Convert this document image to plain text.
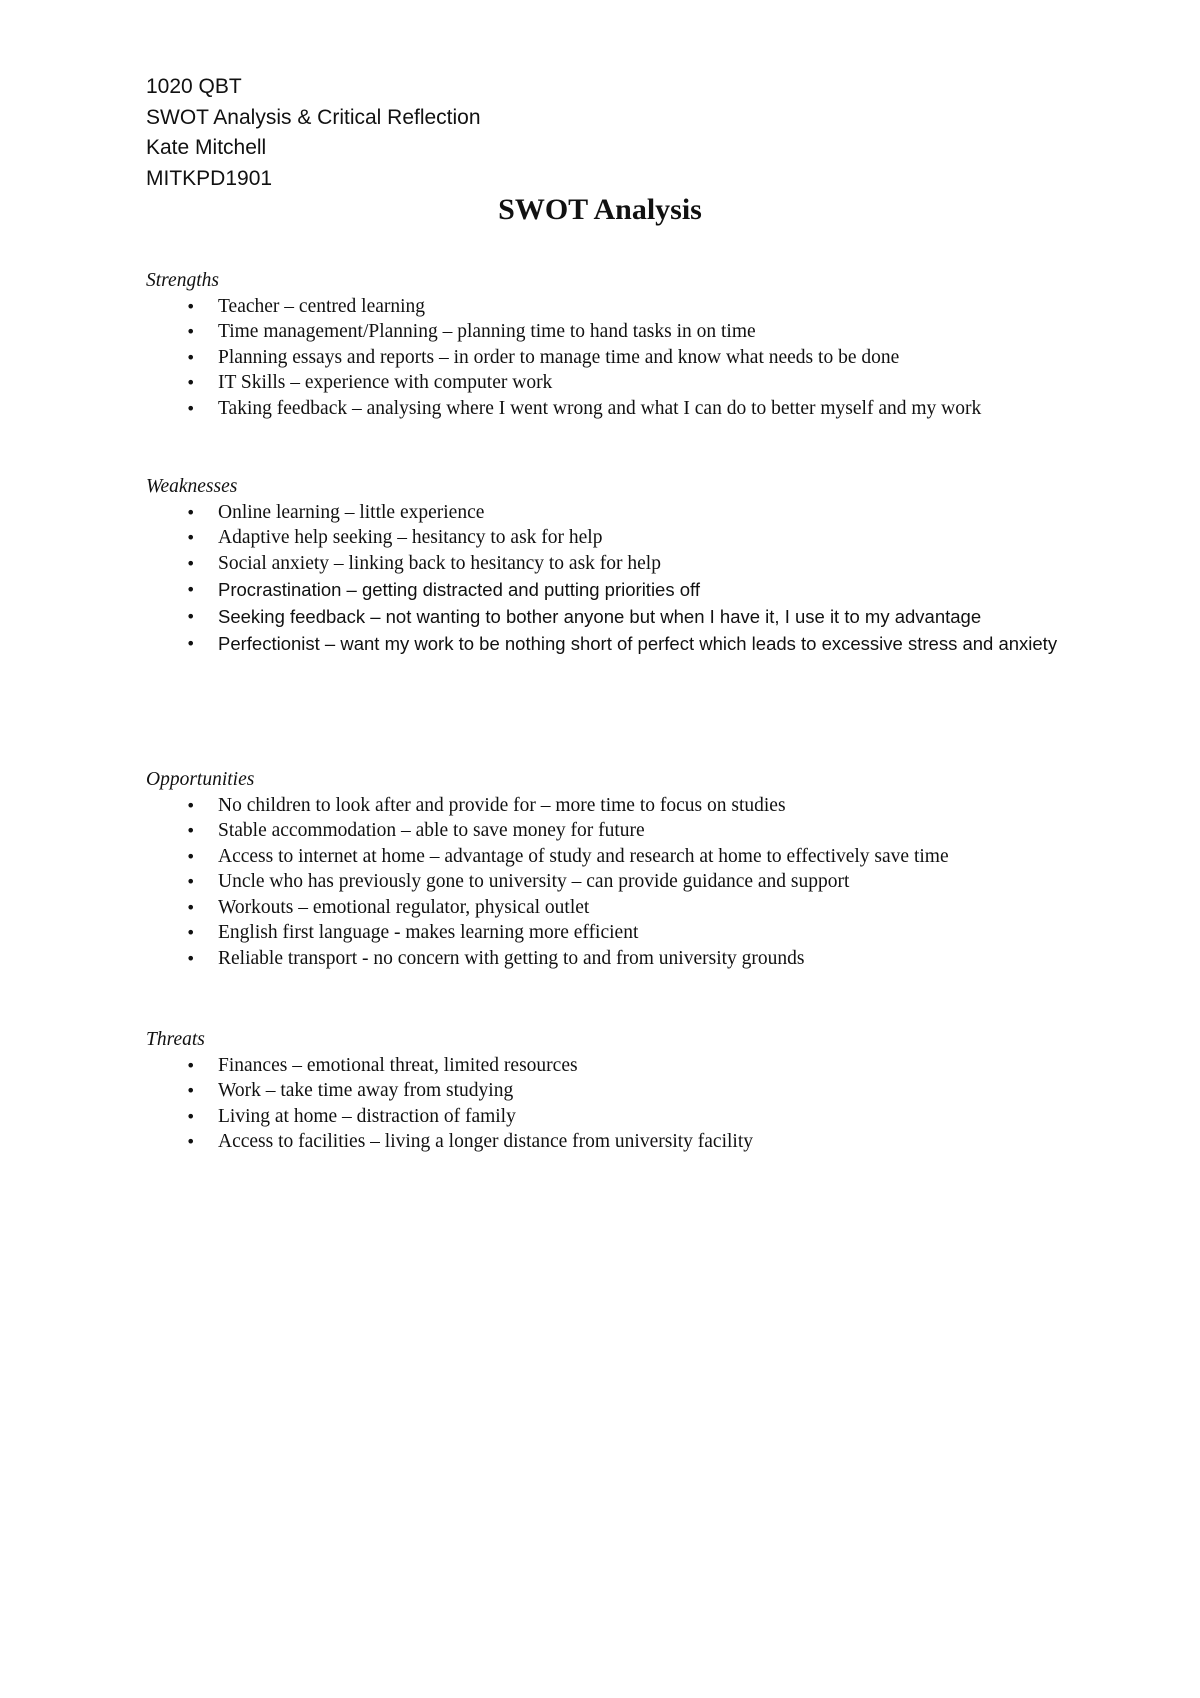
1020 QBT
SWOT Analysis & Critical Reflection
Kate Mitchell
MITKPD1901
SWOT Analysis
Strengths
• Teacher – centred learning
• Time management/Planning – planning time to hand tasks in on time
• Planning essays and reports – in order to manage time and know what needs to be done
• IT Skills – experience with computer work
• Taking feedback – analysing where I went wrong and what I can do to better myself and my work
Weaknesses
• Online learning – little experience
• Adaptive help seeking – hesitancy to ask for help
• Social anxiety – linking back to hesitancy to ask for help
• Procrastination – getting distracted and putting priorities off
• Seeking feedback – not wanting to bother anyone but when I have it, I use it to my advantage
• Perfectionist – want my work to be nothing short of perfect which leads to excessive stress and anxiety
Opportunities
• No children to look after and provide for – more time to focus on studies
• Stable accommodation – able to save money for future
• Access to internet at home – advantage of study and research at home to effectively save time
• Uncle who has previously gone to university – can provide guidance and support
• Workouts – emotional regulator, physical outlet
• English first language - makes learning more efficient
• Reliable transport - no concern with getting to and from university grounds
Threats
• Finances – emotional threat, limited resources
• Work – take time away from studying
• Living at home – distraction of family
• Access to facilities – living a longer distance from university facility
